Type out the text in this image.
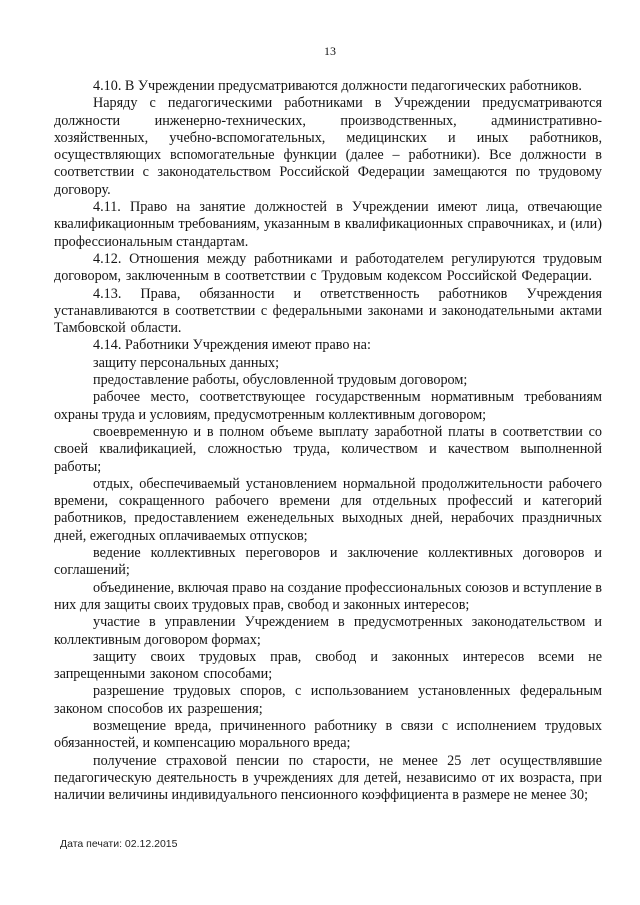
13

4.10. В Учреждении предусматриваются должности педагогических работников.

Наряду с педагогическими работниками в Учреждении предусматриваются должности инженерно-технических, производственных, административно-хозяйственных, учебно-вспомогательных, медицинских и иных работников, осуществляющих вспомогательные функции (далее – работники). Все должности в соответствии с законодательством Российской Федерации замещаются по трудовому договору.

4.11. Право на занятие должностей в Учреждении имеют лица, отвечающие квалификационным требованиям, указанным в квалификационных справочниках, и (или) профессиональным стандартам.

4.12. Отношения между работниками и работодателем регулируются трудовым договором, заключенным в соответствии с Трудовым кодексом Российской Федерации.

4.13. Права, обязанности и ответственность работников Учреждения устанавливаются в соответствии с федеральными законами и законодательными актами Тамбовской области.

4.14. Работники Учреждения имеют право на:

защиту персональных данных;

предоставление работы, обусловленной трудовым договором;

рабочее место, соответствующее государственным нормативным требованиям охраны труда и условиям, предусмотренным коллективным договором;

своевременную и в полном объеме выплату заработной платы в соответствии со своей квалификацией, сложностью труда, количеством и качеством выполненной работы;

отдых, обеспечиваемый установлением нормальной продолжительности рабочего времени, сокращенного рабочего времени для отдельных профессий и категорий работников, предоставлением еженедельных выходных дней, нерабочих праздничных дней, ежегодных оплачиваемых отпусков;

ведение коллективных переговоров и заключение коллективных договоров и соглашений;

объединение, включая право на создание профессиональных союзов и вступление в них для защиты своих трудовых прав, свобод и законных интересов;

участие в управлении Учреждением в предусмотренных законодательством и коллективным договором формах;

защиту своих трудовых прав, свобод и законных интересов всеми не запрещенными законом способами;

разрешение трудовых споров, с использованием установленных федеральным законом способов их разрешения;

возмещение вреда, причиненного работнику в связи с исполнением трудовых обязанностей, и компенсацию морального вреда;

получение страховой пенсии по старости, не менее 25 лет осуществлявшие педагогическую деятельность в учреждениях для детей, независимо от их возраста, при наличии величины индивидуального пенсионного коэффициента в размере не менее 30;

Дата печати: 02.12.2015
